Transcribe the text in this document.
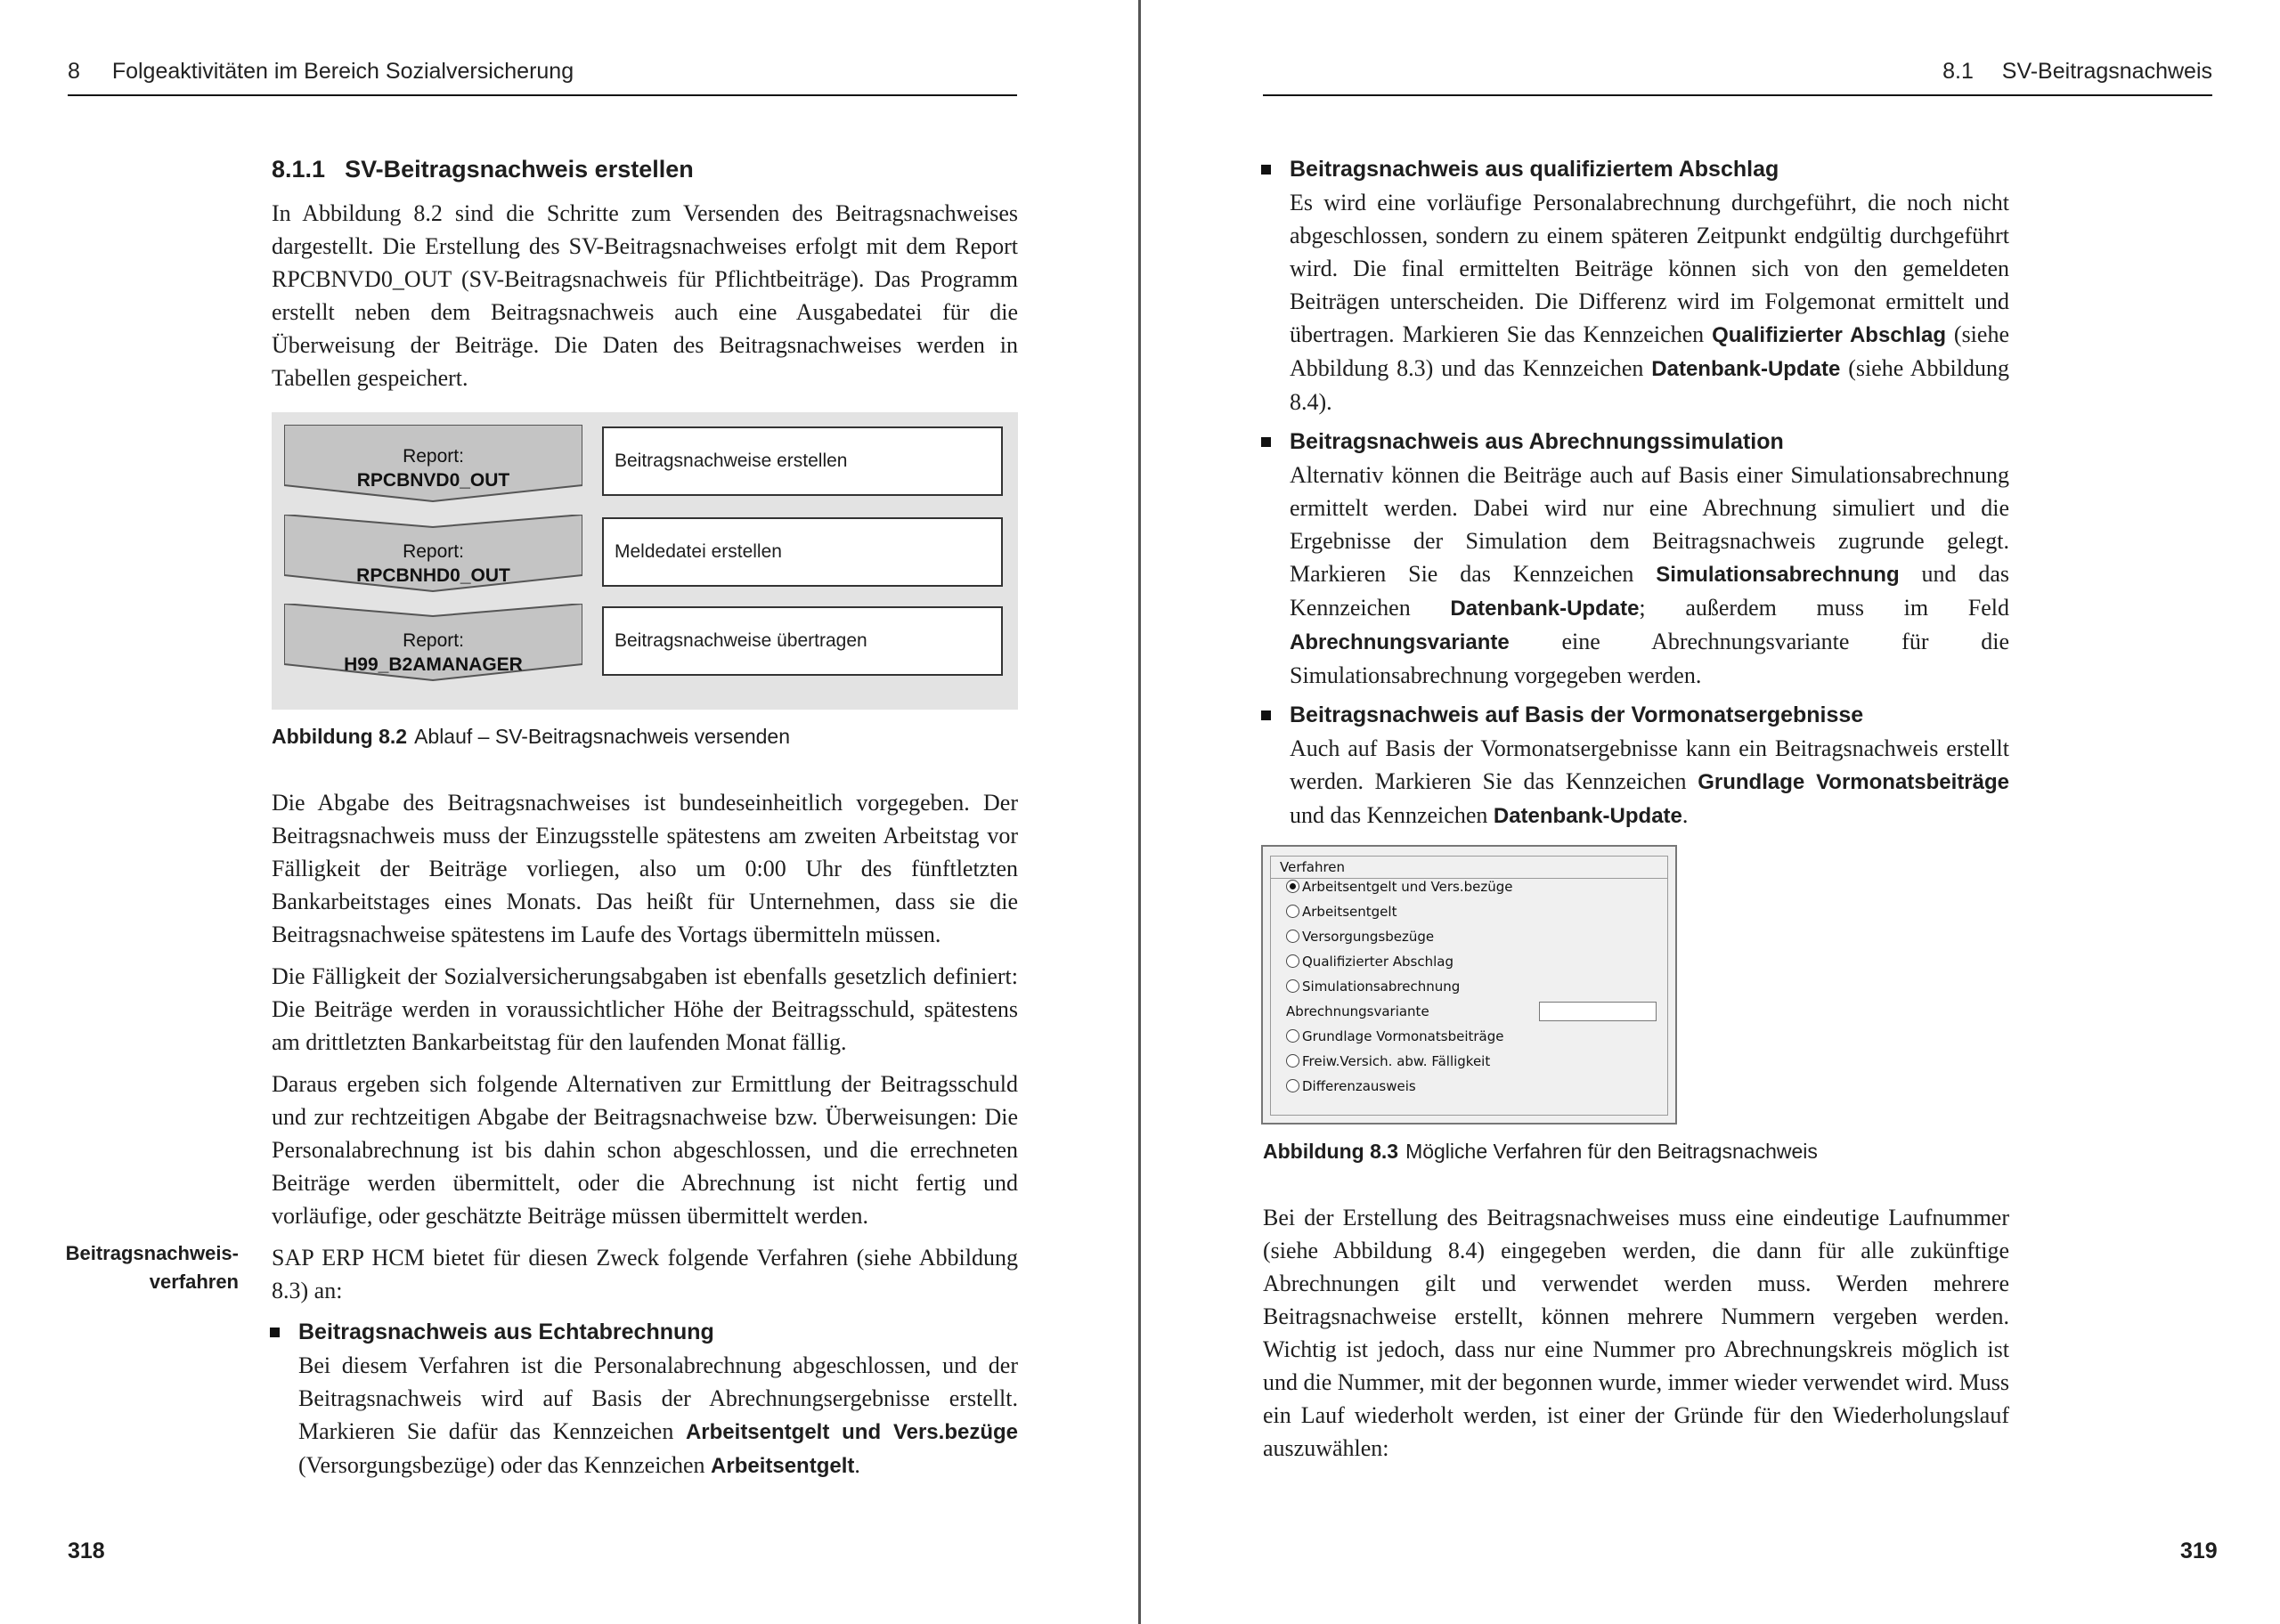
8 Folgeaktivitäten im Bereich Sozialversicherung
8.1.1 SV-Beitragsnachweis erstellen

In Abbildung 8.2 sind die Schritte zum Versenden des Beitragsnachweises dargestellt. Die Erstellung des SV-Beitragsnachweises erfolgt mit dem Report RPCBNVD0_OUT (SV-Beitragsnachweis für Pflichtbeiträge). Das Programm erstellt neben dem Beitragsnachweis auch eine Ausgabedatei für die Überweisung der Beiträge. Die Daten des Beitragsnachweises werden in Tabellen gespeichert.

Report:
RPCBNVD0_OUT
Beitragsnachweise erstellen
Report:
RPCBNHD0_OUT
Meldedatei erstellen
Report:
H99_B2AMANAGER
Beitragsnachweise übertragen
Abbildung 8.2 Ablauf – SV-Beitragsnachweis versenden

Die Abgabe des Beitragsnachweises ist bundeseinheitlich vorgegeben. Der Beitragsnachweis muss der Einzugsstelle spätestens am zweiten Arbeitstag vor Fälligkeit der Beiträge vorliegen, also um 0:00 Uhr des fünftletzten Bankarbeitstages eines Monats. Das heißt für Unternehmen, dass sie die Beitragsnachweise spätestens im Laufe des Vortags übermitteln müssen.

Die Fälligkeit der Sozialversicherungsabgaben ist ebenfalls gesetzlich definiert: Die Beiträge werden in voraussichtlicher Höhe der Beitragsschuld, spätestens am drittletzten Bankarbeitstag für den laufenden Monat fällig.

Daraus ergeben sich folgende Alternativen zur Ermittlung der Beitragsschuld und zur rechtzeitigen Abgabe der Beitragsnachweise bzw. Überweisungen: Die Personalabrechnung ist bis dahin schon abgeschlossen, und die errechneten Beiträge werden übermittelt, oder die Abrechnung ist nicht fertig und vorläufige, oder geschätzte Beiträge müssen übermittelt werden.

SAP ERP HCM bietet für diesen Zweck folgende Verfahren (siehe Abbildung 8.3) an:

Beitragsnachweis aus Echtabrechnung
Bei diesem Verfahren ist die Personalabrechnung abgeschlossen, und der Beitragsnachweis wird auf Basis der Abrechnungsergebnisse erstellt. Markieren Sie dafür das Kennzeichen Arbeitsentgelt und Vers.bezüge (Versorgungsbezüge) oder das Kennzeichen Arbeitsentgelt.
Beitragsnachweis-
verfahren
318
8.1 SV-Beitragsnachweis
Beitragsnachweis aus qualifiziertem Abschlag
Es wird eine vorläufige Personalabrechnung durchgeführt, die noch nicht abgeschlossen, sondern zu einem späteren Zeitpunkt endgültig durchgeführt wird. Die final ermittelten Beiträge können sich von den gemeldeten Beiträgen unterscheiden. Die Differenz wird im Folgemonat ermittelt und übertragen. Markieren Sie das Kennzeichen Qualifizierter Abschlag (siehe Abbildung 8.3) und das Kennzeichen Datenbank-Update (siehe Abbildung 8.4).
Beitragsnachweis aus Abrechnungssimulation
Alternativ können die Beiträge auch auf Basis einer Simulationsabrechnung ermittelt werden. Dabei wird nur eine Abrechnung simuliert und die Ergebnisse der Simulation dem Beitragsnachweis zugrunde gelegt. Markieren Sie das Kennzeichen Simulationsabrechnung und das Kennzeichen Datenbank-Update; außerdem muss im Feld Abrechnungsvariante eine Abrechnungsvariante für die Simulationsabrechnung vorgegeben werden.
Beitragsnachweis auf Basis der Vormonatsergebnisse
Auch auf Basis der Vormonatsergebnisse kann ein Beitragsnachweis erstellt werden. Markieren Sie das Kennzeichen Grundlage Vormonatsbeiträge und das Kennzeichen Datenbank-Update.
Verfahren
Arbeitsentgelt und Vers.bezüge
Arbeitsentgelt
Versorgungsbezüge
Qualifizierter Abschlag
Simulationsabrechnung
Abrechnungsvariante
Grundlage Vormonatsbeiträge
Freiw.Versich. abw. Fälligkeit
Differenzausweis
Abbildung 8.3 Mögliche Verfahren für den Beitragsnachweis

Bei der Erstellung des Beitragsnachweises muss eine eindeutige Laufnummer (siehe Abbildung 8.4) eingegeben werden, die dann für alle zukünftige Abrechnungen gilt und verwendet werden muss. Werden mehrere Beitragsnachweise erstellt, können mehrere Nummern vergeben werden. Wichtig ist jedoch, dass nur eine Nummer pro Abrechnungskreis möglich ist und die Nummer, mit der begonnen wurde, immer wieder verwendet wird. Muss ein Lauf wiederholt werden, ist einer der Gründe für den Wiederholungslauf auszuwählen:

319
